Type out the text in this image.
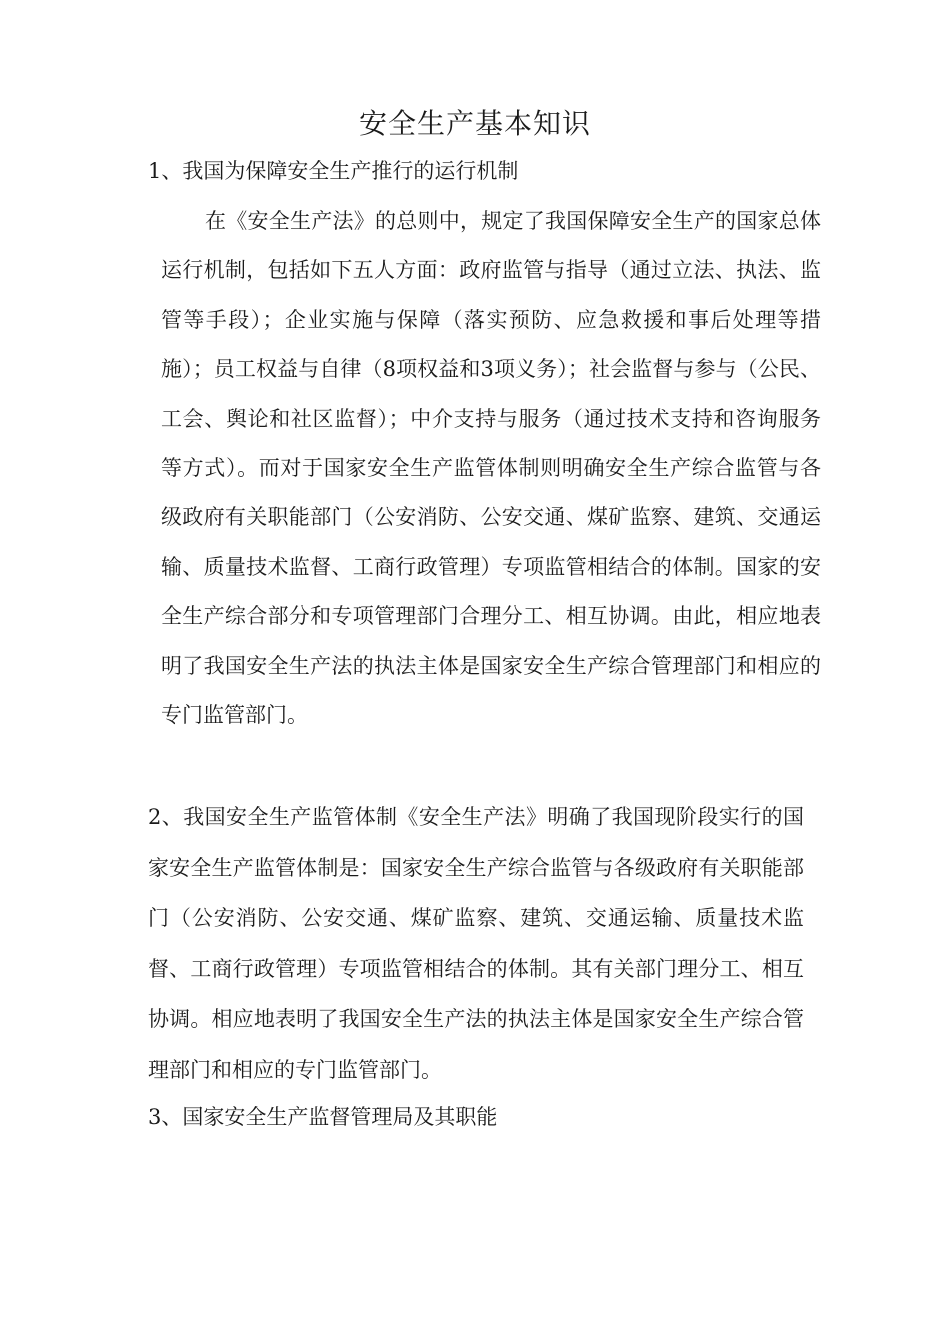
安全生产基本知识
1、我国为保障安全生产推行的运行机制
在《安全生产法》的总则中，规定了我国保障安全生产的国家总体运行机制，包括如下五人方面：政府监管与指导（通过立法、执法、监管等手段）；企业实施与保障（落实预防、应急救援和事后处理等措施）；员工权益与自律（8项权益和3项义务）；社会监督与参与（公民、工会、舆论和社区监督）；中介支持与服务（通过技术支持和咨询服务等方式）。而对于国家安全生产监管体制则明确安全生产综合监管与各级政府有关职能部门（公安消防、公安交通、煤矿监察、建筑、交通运输、质量技术监督、工商行政管理）专项监管相结合的体制。国家的安全生产综合部分和专项管理部门合理分工、相互协调。由此，相应地表明了我国安全生产法的执法主体是国家安全生产综合管理部门和相应的专门监管部门。
2、我国安全生产监管体制《安全生产法》明确了我国现阶段实行的国家安全生产监管体制是：国家安全生产综合监管与各级政府有关职能部门（公安消防、公安交通、煤矿监察、建筑、交通运输、质量技术监督、工商行政管理）专项监管相结合的体制。其有关部门理分工、相互协调。相应地表明了我国安全生产法的执法主体是国家安全生产综合管理部门和相应的专门监管部门。
3、国家安全生产监督管理局及其职能
